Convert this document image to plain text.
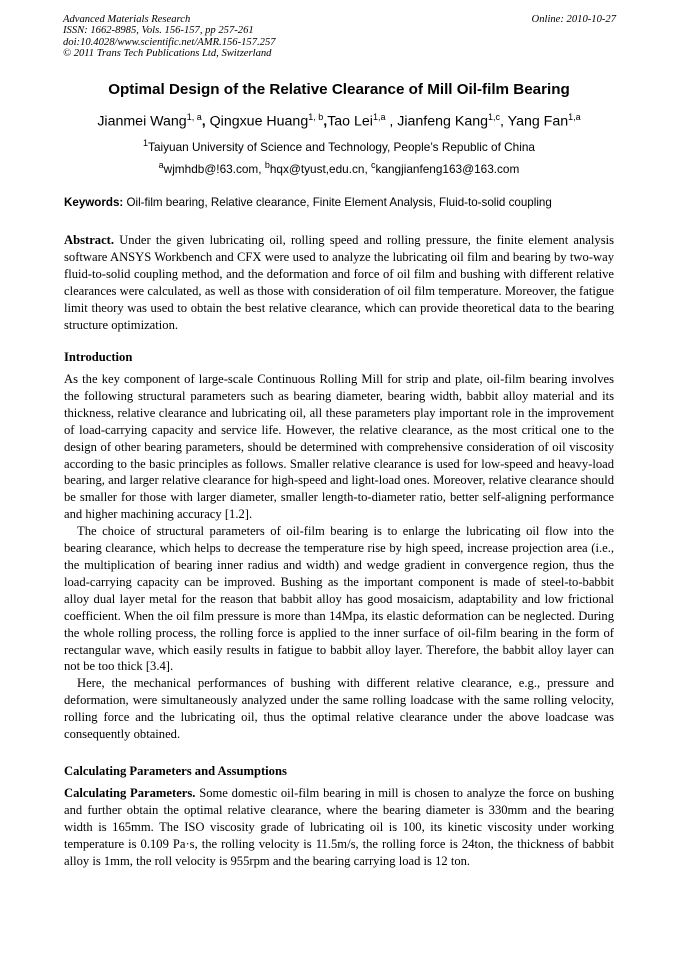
Advanced Materials Research
ISSN: 1662-8985, Vols. 156-157, pp 257-261
doi:10.4028/www.scientific.net/AMR.156-157.257
© 2011 Trans Tech Publications Ltd, Switzerland
Online: 2010-10-27
Optimal Design of the Relative Clearance of Mill Oil-film Bearing
Jianmei Wang$^{1, a}$, Qingxue Huang$^{1, b}$,Tao Lei$^{1,a}$ , Jianfeng Kang$^{1,c}$, Yang Fan$^{1,a}$
$^1$Taiyuan University of Science and Technology, People’s Republic of China
$^a$wjmhdb@!63.com, $^b$hqx@tyust,edu.cn, $^c$kangjianfeng163@163.com
Keywords: Oil-film bearing, Relative clearance, Finite Element Analysis, Fluid-to-solid coupling

Abstract. Under the given lubricating oil, rolling speed and rolling pressure, the finite element analysis software ANSYS Workbench and CFX were used to analyze the lubricating oil film and bearing by two-way fluid-to-solid coupling method, and the deformation and force of oil film and bushing with different relative clearances were calculated, as well as those with consideration of oil film temperature. Moreover, the fatigue limit theory was used to obtain the best relative clearance, which can provide theoretical data to the bearing structure optimization.

Introduction

As the key component of large-scale Continuous Rolling Mill for strip and plate, oil-film bearing involves the following structural parameters such as bearing diameter, bearing width, babbit alloy material and its thickness, relative clearance and lubricating oil, all these parameters play important role in the improvement of load-carrying capacity and service life. However, the relative clearance, as the most critical one to the design of other bearing parameters, should be determined with comprehensive consideration of oil viscosity according to the basic principles as follows. Smaller relative clearance is used for low-speed and heavy-load bearing, and larger relative clearance for high-speed and light-load ones. Moreover, relative clearance should be smaller for those with larger diameter, smaller length-to-diameter ratio, better self-aligning performance and higher machining accuracy [1.2].

The choice of structural parameters of oil-film bearing is to enlarge the lubricating oil flow into the bearing clearance, which helps to decrease the temperature rise by high speed, increase projection area (i.e., the multiplication of bearing inner radius and width) and wedge gradient in convergence region, thus the load-carrying capacity can be improved. Bushing as the important component is made of steel-to-babbit alloy dual layer metal for the reason that babbit alloy has good mosaicism, adaptability and low frictional coefficient. When the oil film pressure is more than 14Mpa, its elastic deformation can be neglected. During the whole rolling process, the rolling force is applied to the inner surface of oil-film bearing in the form of rectangular wave, which easily results in fatigue to babbit alloy layer. Therefore, the babbit alloy layer can not be too thick [3.4].

Here, the mechanical performances of bushing with different relative clearance, e.g., pressure and deformation, were simultaneously analyzed under the same rolling loadcase with the same rolling velocity, rolling force and the lubricating oil, thus the optimal relative clearance under the above loadcase was consequently obtained.

Calculating Parameters and Assumptions

Calculating Parameters. Some domestic oil-film bearing in mill is chosen to analyze the force on bushing and further obtain the optimal relative clearance, where the bearing diameter is 330mm and the bearing width is 165mm. The ISO viscosity grade of lubricating oil is 100, its kinetic viscosity under working temperature is 0.109 Pa·s, the rolling velocity is 11.5m/s, the rolling force is 24ton, the thickness of babbit alloy is 1mm, the roll velocity is 955rpm and the bearing carrying load is 12 ton.
